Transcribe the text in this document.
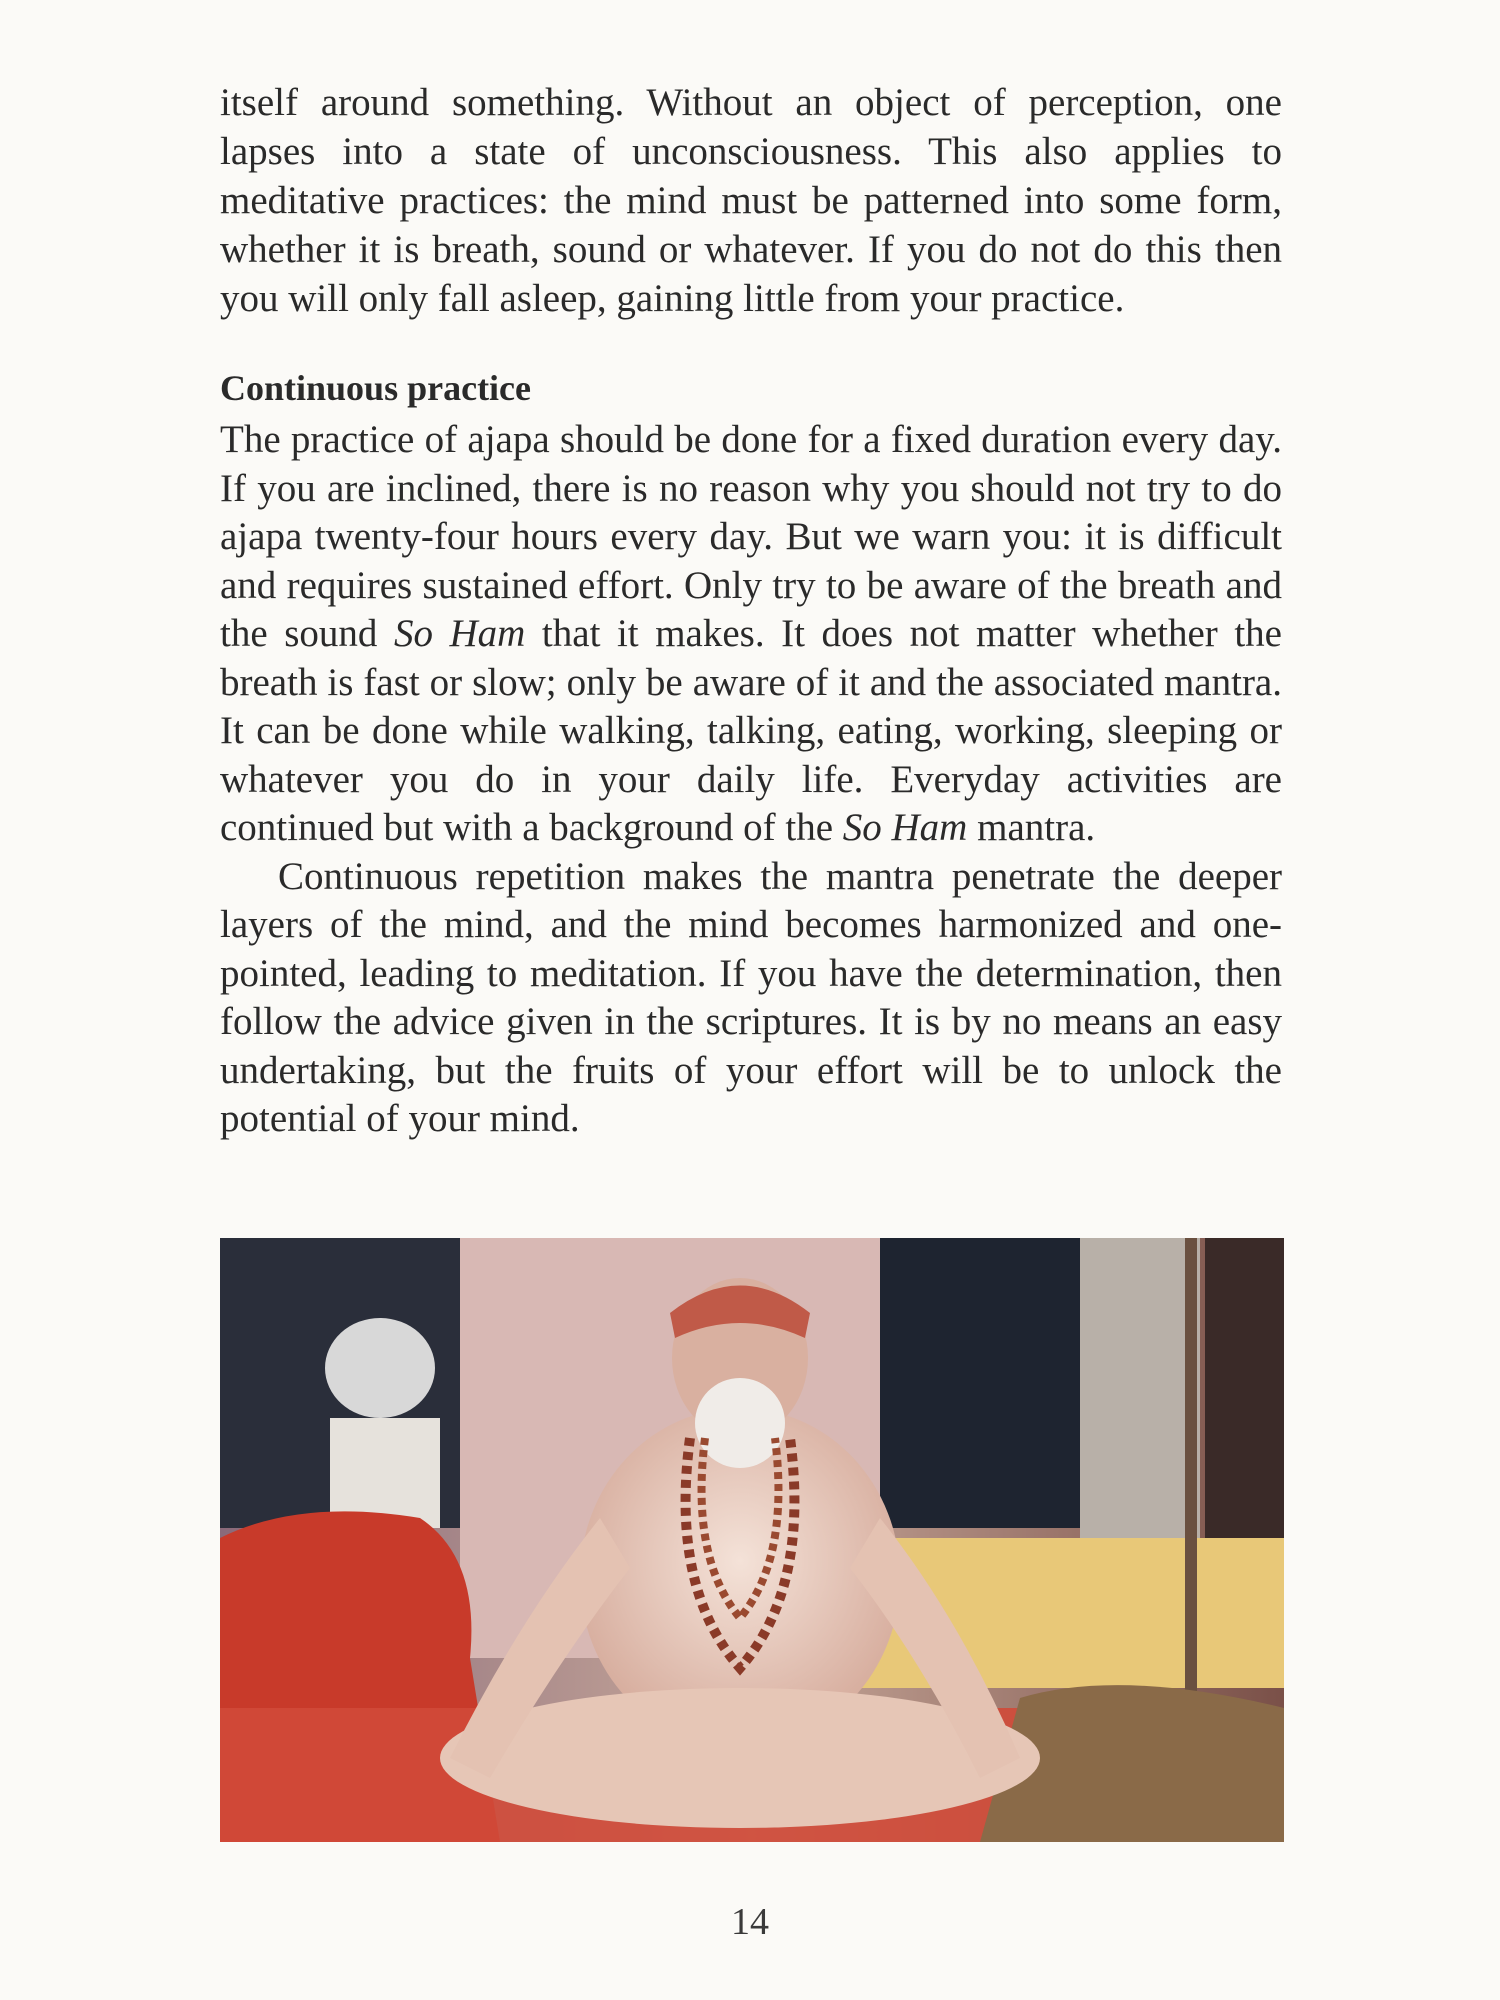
itself around something. Without an object of perception, one lapses into a state of unconsciousness. This also applies to meditative practices: the mind must be patterned into some form, whether it is breath, sound or whatever. If you do not do this then you will only fall asleep, gaining little from your practice.

Continuous practice

The practice of ajapa should be done for a fixed duration every day. If you are inclined, there is no reason why you should not try to do ajapa twenty-four hours every day. But we warn you: it is difficult and requires sustained effort. Only try to be aware of the breath and the sound So Ham that it makes. It does not matter whether the breath is fast or slow; only be aware of it and the associated mantra. It can be done while walking, talking, eating, working, sleeping or whatever you do in your daily life. Everyday activities are continued but with a background of the So Ham mantra.

Continuous repetition makes the mantra penetrate the deeper layers of the mind, and the mind becomes harmonized and one-pointed, leading to meditation. If you have the determination, then follow the advice given in the scriptures. It is by no means an easy undertaking, but the fruits of your effort will be to unlock the potential of your mind.

14
